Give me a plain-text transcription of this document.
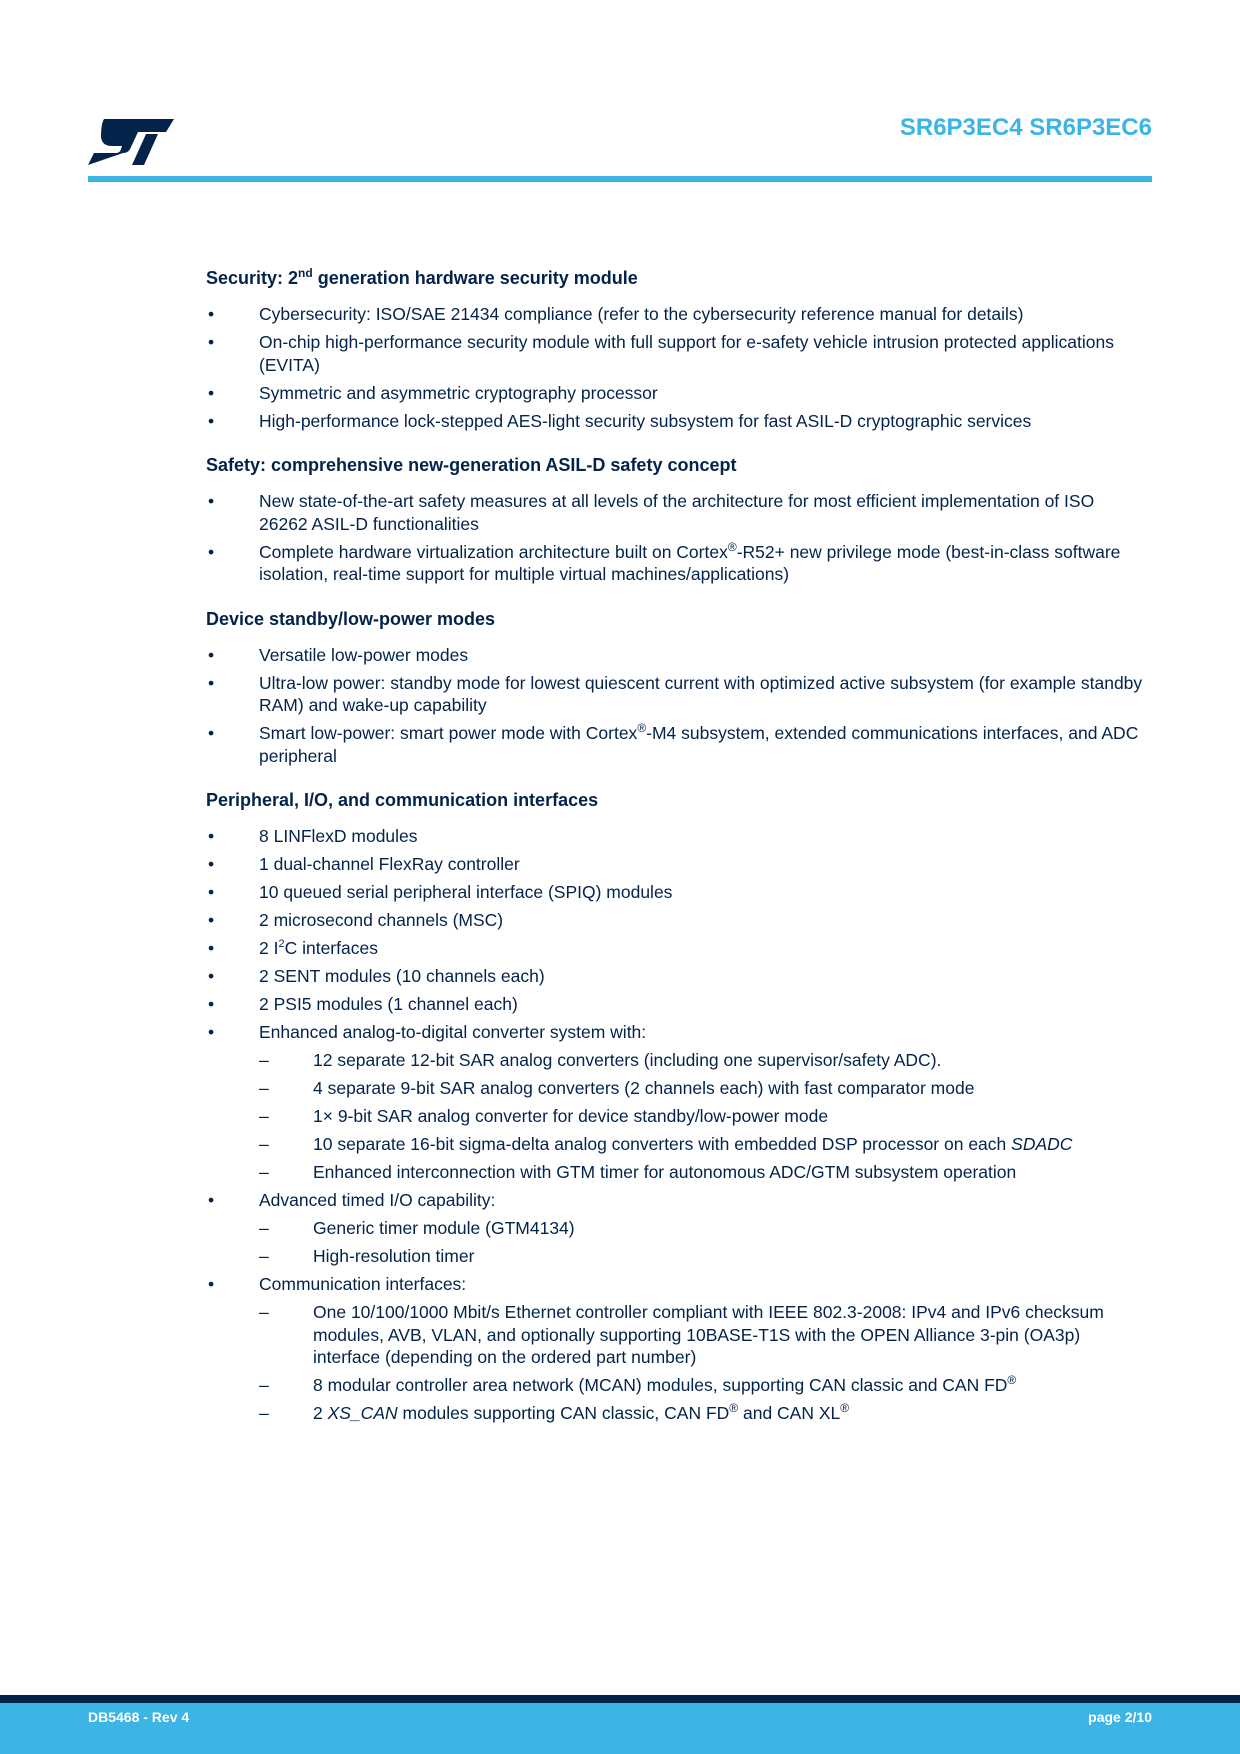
SR6P3EC4 SR6P3EC6
Security: 2nd generation hardware security module
• Cybersecurity: ISO/SAE 21434 compliance (refer to the cybersecurity reference manual for details)
• On-chip high-performance security module with full support for e-safety vehicle intrusion protected applications (EVITA)
• Symmetric and asymmetric cryptography processor
• High-performance lock-stepped AES-light security subsystem for fast ASIL-D cryptographic services
Safety: comprehensive new-generation ASIL-D safety concept
• New state-of-the-art safety measures at all levels of the architecture for most efficient implementation of ISO 26262 ASIL-D functionalities
• Complete hardware virtualization architecture built on Cortex®-R52+ new privilege mode (best-in-class software isolation, real-time support for multiple virtual machines/applications)
Device standby/low-power modes
• Versatile low-power modes
• Ultra-low power: standby mode for lowest quiescent current with optimized active subsystem (for example standby RAM) and wake-up capability
• Smart low-power: smart power mode with Cortex®-M4 subsystem, extended communications interfaces, and ADC peripheral
Peripheral, I/O, and communication interfaces
• 8 LINFlexD modules
• 1 dual-channel FlexRay controller
• 10 queued serial peripheral interface (SPIQ) modules
• 2 microsecond channels (MSC)
• 2 $I^2C$ interfaces
• 2 SENT modules (10 channels each)
• 2 PSI5 modules (1 channel each)
• Enhanced analog-to-digital converter system with:
– 12 separate 12-bit SAR analog converters (including one supervisor/safety ADC).
– 4 separate 9-bit SAR analog converters (2 channels each) with fast comparator mode
– 1× 9-bit SAR analog converter for device standby/low-power mode
– 10 separate 16-bit sigma-delta analog converters with embedded DSP processor on each SDADC
– Enhanced interconnection with GTM timer for autonomous ADC/GTM subsystem operation
• Advanced timed I/O capability:
– Generic timer module (GTM4134)
– High-resolution timer
• Communication interfaces:
– One 10/100/1000 Mbit/s Ethernet controller compliant with IEEE 802.3-2008: IPv4 and IPv6 checksum modules, AVB, VLAN, and optionally supporting 10BASE-T1S with the OPEN Alliance 3-pin (OA3p) interface (depending on the ordered part number)
– 8 modular controller area network (MCAN) modules, supporting CAN classic and CAN FD®
– 2 XS_CAN modules supporting CAN classic, CAN FD® and CAN XL®
DB5468 - Rev 4	page 2/10
